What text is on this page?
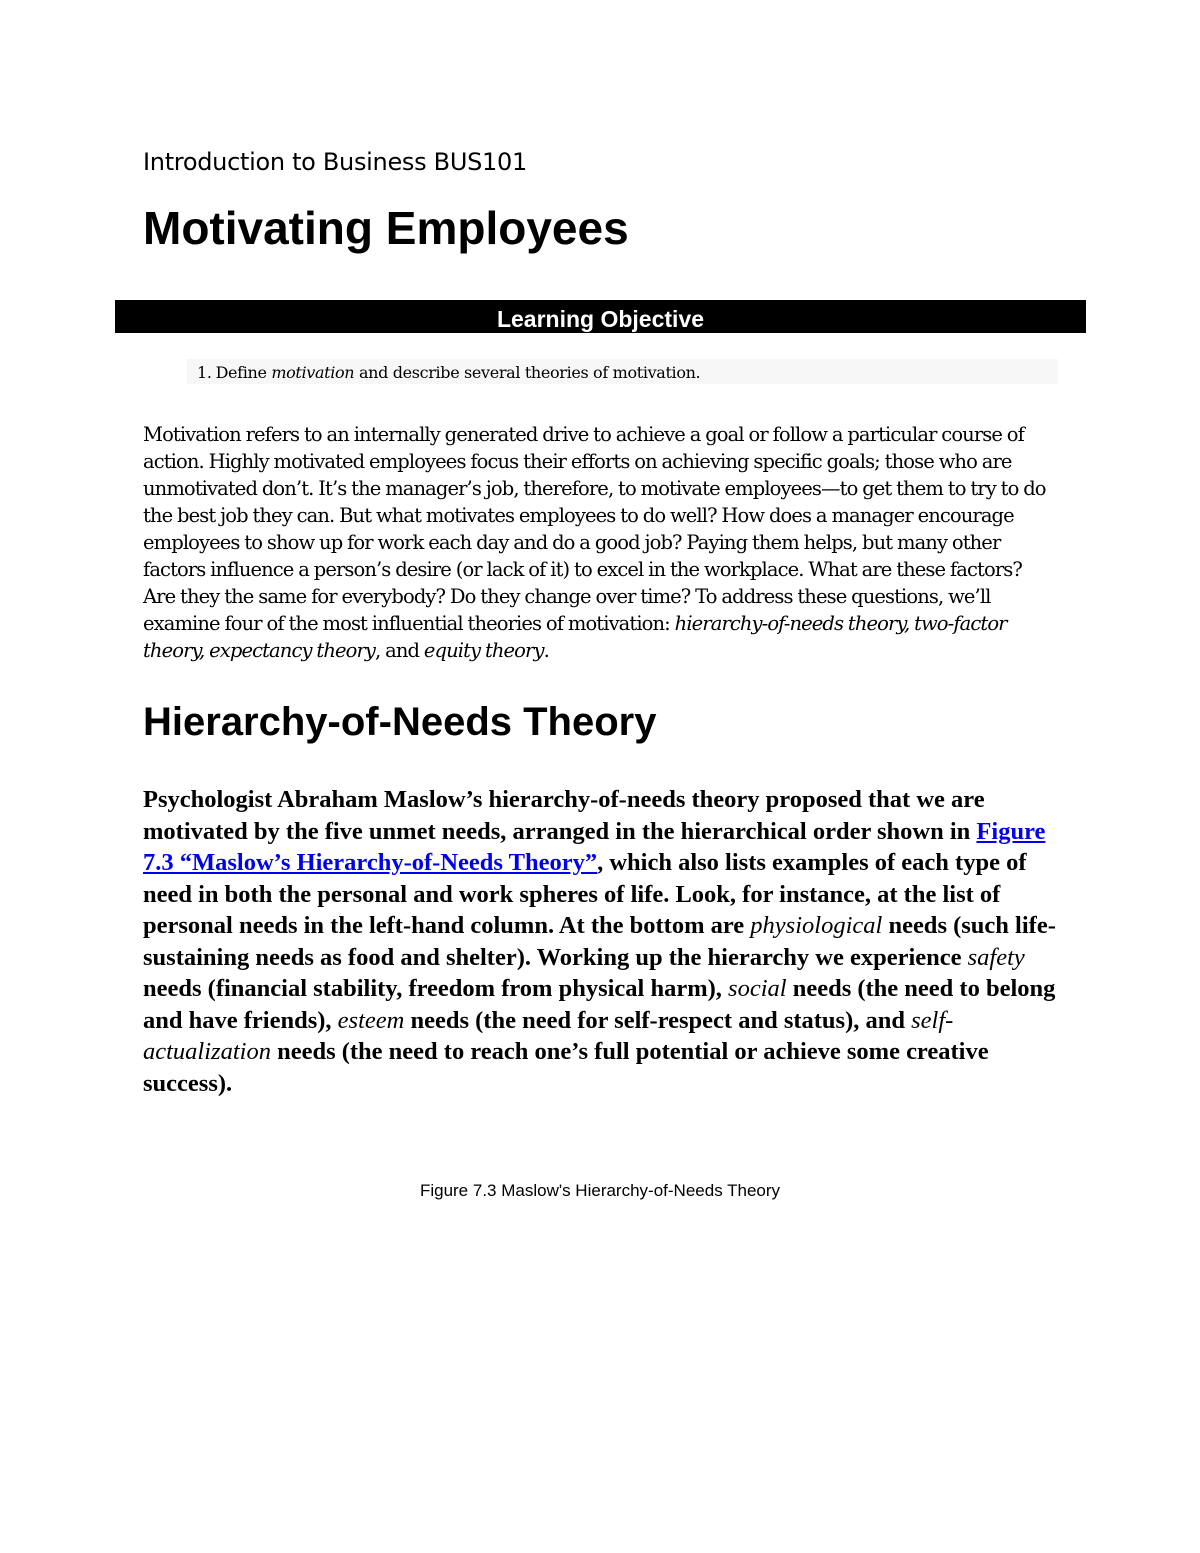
Introduction to Business BUS101
Motivating Employees
Learning Objective
1. Define motivation and describe several theories of motivation.

Motivation refers to an internally generated drive to achieve a goal or follow a particular course of action. Highly motivated employees focus their efforts on achieving specific goals; those who are unmotivated don’t. It’s the manager’s job, therefore, to motivate employees—to get them to try to do the best job they can. But what motivates employees to do well? How does a manager encourage employees to show up for work each day and do a good job? Paying them helps, but many other factors influence a person’s desire (or lack of it) to excel in the workplace. What are these factors? Are they the same for everybody? Do they change over time? To address these questions, we’ll examine four of the most influential theories of motivation: hierarchy-of-needs theory, two-factor theory, expectancy theory, and equity theory.

Hierarchy-of-Needs Theory

Psychologist Abraham Maslow’s hierarchy-of-needs theory proposed that we are motivated by the five unmet needs, arranged in the hierarchical order shown in Figure 7.3 “Maslow’s Hierarchy-of-Needs Theory”, which also lists examples of each type of need in both the personal and work spheres of life. Look, for instance, at the list of personal needs in the left-hand column. At the bottom are physiological needs (such life-sustaining needs as food and shelter). Working up the hierarchy we experience safety needs (financial stability, freedom from physical harm), social needs (the need to belong and have friends), esteem needs (the need for self-respect and status), and self-actualization needs (the need to reach one’s full potential or achieve some creative success).

Figure 7.3 Maslow's Hierarchy-of-Needs Theory
